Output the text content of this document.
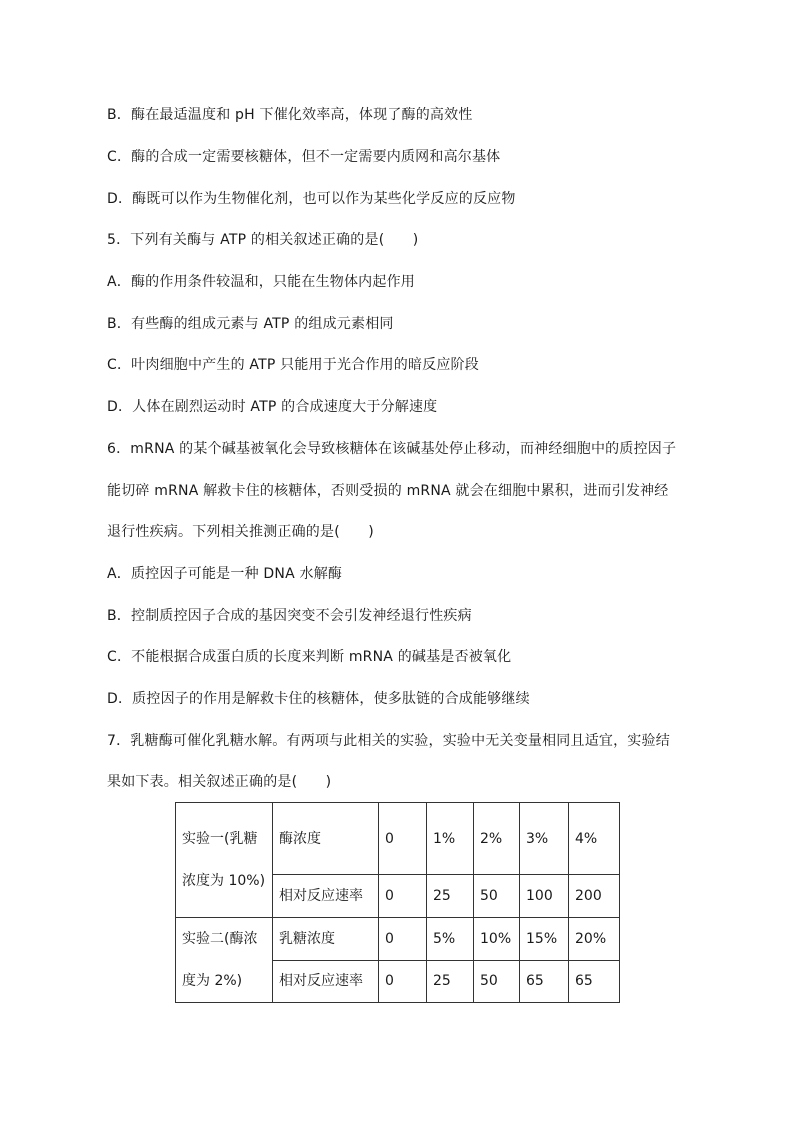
B．酶在最适温度和 pH 下催化效率高，体现了酶的高效性
C．酶的合成一定需要核糖体，但不一定需要内质网和高尔基体
D．酶既可以作为生物催化剂，也可以作为某些化学反应的反应物
5．下列有关酶与 ATP 的相关叙述正确的是(　　)
A．酶的作用条件较温和，只能在生物体内起作用
B．有些酶的组成元素与 ATP 的组成元素相同
C．叶肉细胞中产生的 ATP 只能用于光合作用的暗反应阶段
D．人体在剧烈运动时 ATP 的合成速度大于分解速度
6．mRNA 的某个碱基被氧化会导致核糖体在该碱基处停止移动，而神经细胞中的质控因子
能切碎 mRNA 解救卡住的核糖体，否则受损的 mRNA 就会在细胞中累积，进而引发神经
退行性疾病。下列相关推测正确的是(　　)
A．质控因子可能是一种 DNA 水解酶
B．控制质控因子合成的基因突变不会引发神经退行性疾病
C．不能根据合成蛋白质的长度来判断 mRNA 的碱基是否被氧化
D．质控因子的作用是解救卡住的核糖体，使多肽链的合成能够继续
7．乳糖酶可催化乳糖水解。有两项与此相关的实验，实验中无关变量相同且适宜，实验结
果如下表。相关叙述正确的是(　　)
实验一(乳糖
浓度为 10%)	酶浓度	0	1%	2%	3%	4%
	相对反应速率	0	25	50	100	200

实验二(酶浓
度为 2%)	乳糖浓度	0	5%	10%	15%	20%
	相对反应速率	0	25	50	65	65
